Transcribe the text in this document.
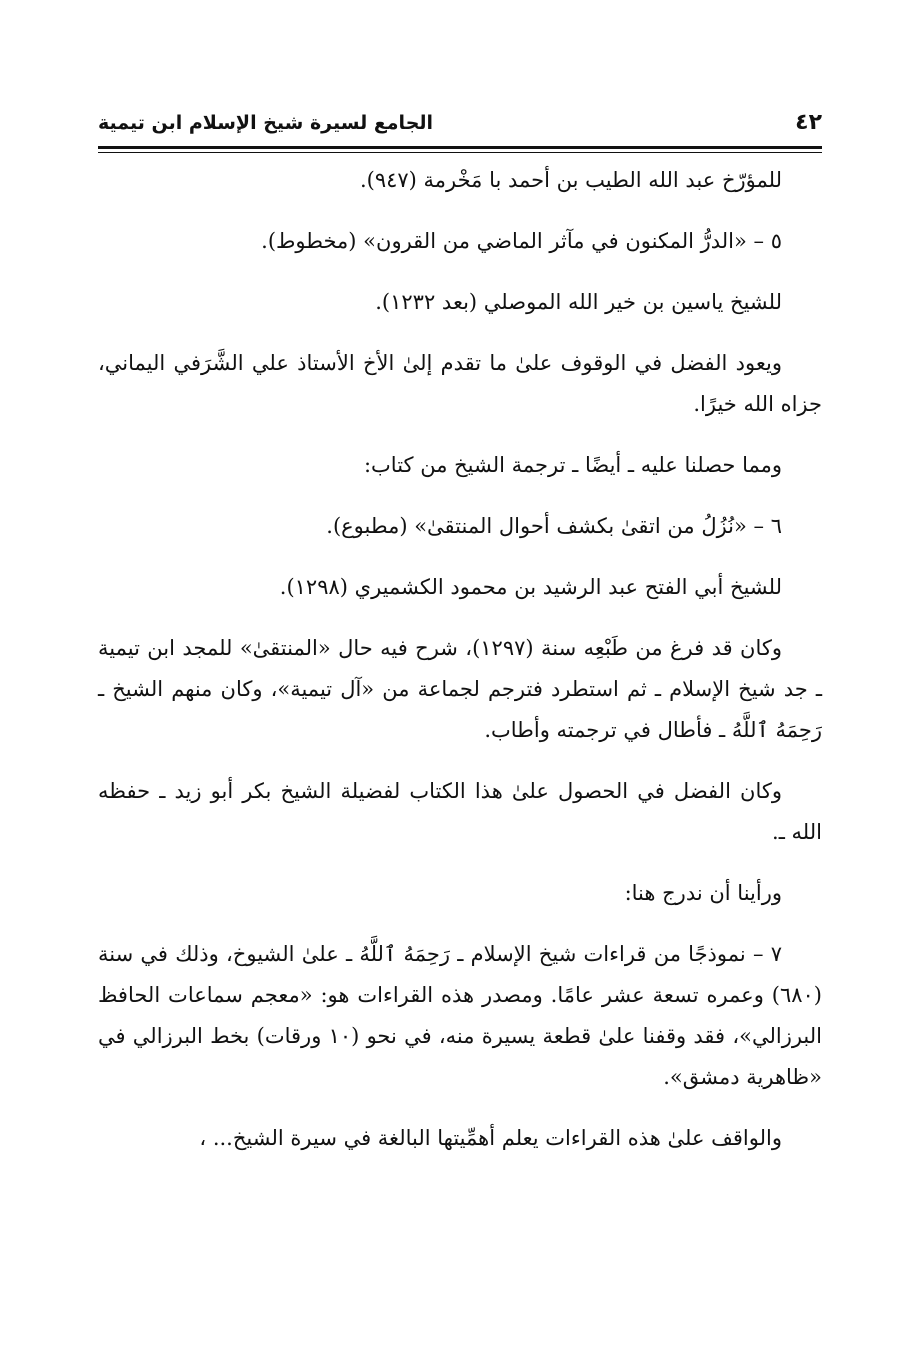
الجامع لسيرة شيخ الإسلام ابن تيمية	٤٢

للمؤرّخ عبد الله الطيب بن أحمد با مَخْرمة (٩٤٧).

٥ – «الدرُّ المكنون في مآثر الماضي من القرون» (مخطوط).

للشيخ ياسين بن خير الله الموصلي (بعد ١٢٣٢).

ويعود الفضل في الوقوف علىٰ ما تقدم إلىٰ الأخ الأستاذ علي الشَّرَفي اليماني، جزاه الله خيرًا.

ومما حصلنا عليه ـ أيضًا ـ ترجمة الشيخ من كتاب:

٦ – «نُزُلُ من اتقىٰ بكشف أحوال المنتقىٰ» (مطبوع).

للشيخ أبي الفتح عبد الرشيد بن محمود الكشميري (١٢٩٨).

وكان قد فرغ من طَبْعِه سنة (١٢٩٧)، شرح فيه حال «المنتقىٰ» للمجد ابن تيمية ـ جد شيخ الإسلام ـ ثم استطرد فترجم لجماعة من «آل تيمية»، وكان منهم الشيخ ـ رَحِمَهُ ٱللَّهُ ـ فأطال في ترجمته وأطاب.

وكان الفضل في الحصول علىٰ هذا الكتاب لفضيلة الشيخ بكر أبو زيد ـ حفظه الله ـ.

ورأينا أن ندرج هنا:

٧ – نموذجًا من قراءات شيخ الإسلام ـ رَحِمَهُ ٱللَّهُ ـ علىٰ الشيوخ، وذلك في سنة (٦٨٠) وعمره تسعة عشر عامًا. ومصدر هذه القراءات هو: «معجم سماعات الحافظ البرزالي»، فقد وقفنا علىٰ قطعة يسيرة منه، في نحو (١٠ ورقات) بخط البرزالي في «ظاهرية دمشق».

والواقف علىٰ هذه القراءات يعلم أهمِّيتها البالغة في سيرة الشيخ... ،
